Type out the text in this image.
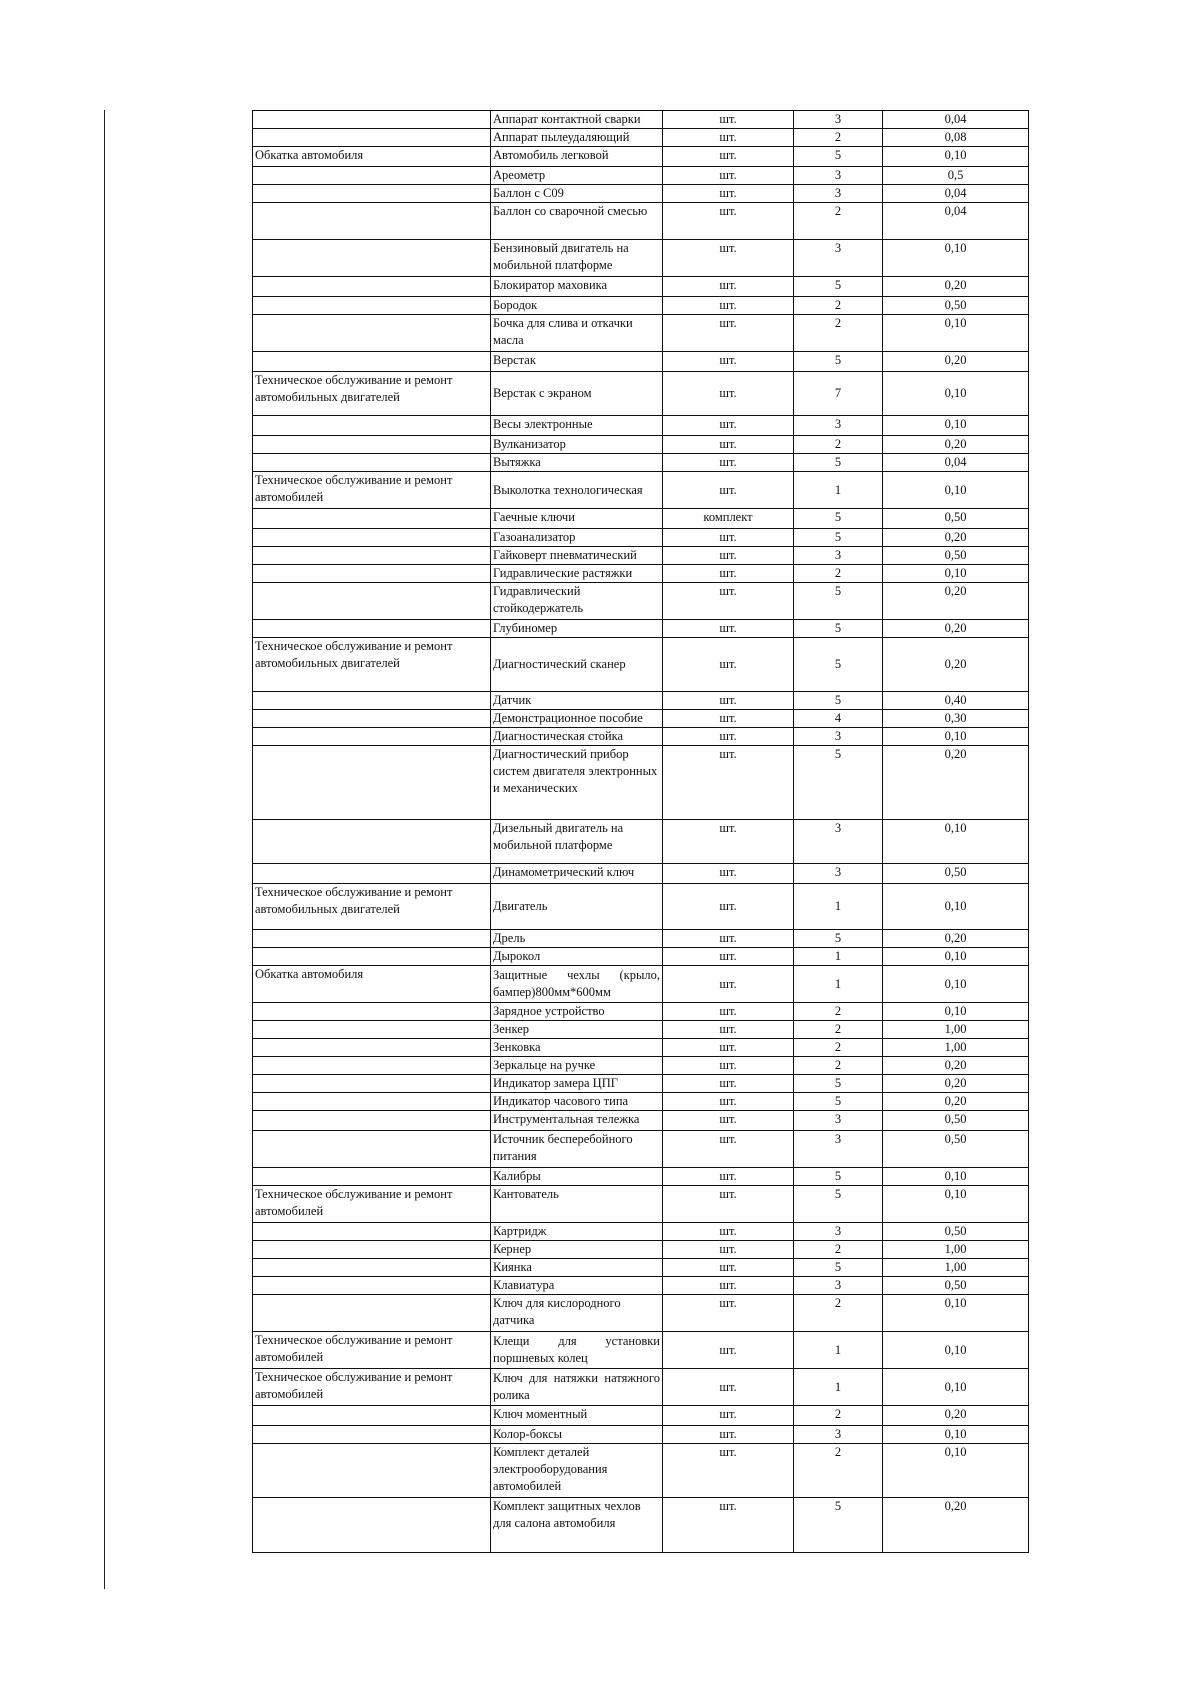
	Аппарат контактной сварки	шт.	3	0,04
	Аппарат пылеудаляющий	шт.	2	0,08
Обкатка автомобиля	Автомобиль легковой	шт.	5	0,10
	Ареометр	шт.	3	0,5
	Баллон с С09	шт.	3	0,04
	Баллон со сварочной смесью	шт.	2	0,04
	Бензиновый двигатель на мобильной платформе	шт.	3	0,10
	Блокиратор маховика	шт.	5	0,20
	Бородок	шт.	2	0,50
	Бочка для слива и откачки масла	шт.	2	0,10
	Верстак	шт.	5	0,20
Техническое обслуживание и ремонт автомобильных двигателей	Верстак с экраном	шт.	7	0,10
	Весы электронные	шт.	3	0,10
	Вулканизатор	шт.	2	0,20
	Вытяжка	шт.	5	0,04
Техническое обслуживание и ремонт автомобилей	Выколотка технологическая	шт.	1	0,10
	Гаечные ключи	комплект	5	0,50
	Газоанализатор	шт.	5	0,20
	Гайковерт пневматический	шт.	3	0,50
	Гидравлические растяжки	шт.	2	0,10
	Гидравлический стойкодержатель	шт.	5	0,20
	Глубиномер	шт.	5	0,20
Техническое обслуживание и ремонт автомобильных двигателей	Диагностический сканер	шт.	5	0,20
	Датчик	шт.	5	0,40
	Демонстрационное пособие	шт.	4	0,30
	Диагностическая стойка	шт.	3	0,10
	Диагностический прибор систем двигателя электронных и механических	шт.	5	0,20
	Дизельный двигатель на мобильной платформе	шт.	3	0,10
	Динамометрический ключ	шт.	3	0,50
Техническое обслуживание и ремонт автомобильных двигателей	Двигатель	шт.	1	0,10
	Дрель	шт.	5	0,20
	Дырокол	шт.	1	0,10
Обкатка автомобиля	Защитные чехлы (крыло, бампер)800мм*600мм	шт.	1	0,10
	Зарядное устройство	шт.	2	0,10
	Зенкер	шт.	2	1,00
	Зенковка	шт.	2	1,00
	Зеркальце на ручке	шт.	2	0,20
	Индикатор замера ЦПГ	шт.	5	0,20
	Индикатор часового типа	шт.	5	0,20
	Инструментальная тележка	шт.	3	0,50
	Источник бесперебойного питания	шт.	3	0,50
	Калибры	шт.	5	0,10
Техническое обслуживание и ремонт автомобилей	Кантователь	шт.	5	0,10
	Картридж	шт.	3	0,50
	Кернер	шт.	2	1,00
	Киянка	шт.	5	1,00
	Клавиатура	шт.	3	0,50
	Ключ для кислородного датчика	шт.	2	0,10
Техническое обслуживание и ремонт автомобилей	Клещи для установки поршневых колец	шт.	1	0,10
Техническое обслуживание и ремонт автомобилей	Ключ для натяжки натяжного ролика	шт.	1	0,10
	Ключ моментный	шт.	2	0,20
	Колор-боксы	шт.	3	0,10
	Комплект деталей электрооборудования автомобилей	шт.	2	0,10
	Комплект защитных чехлов для салона автомобиля	шт.	5	0,20
